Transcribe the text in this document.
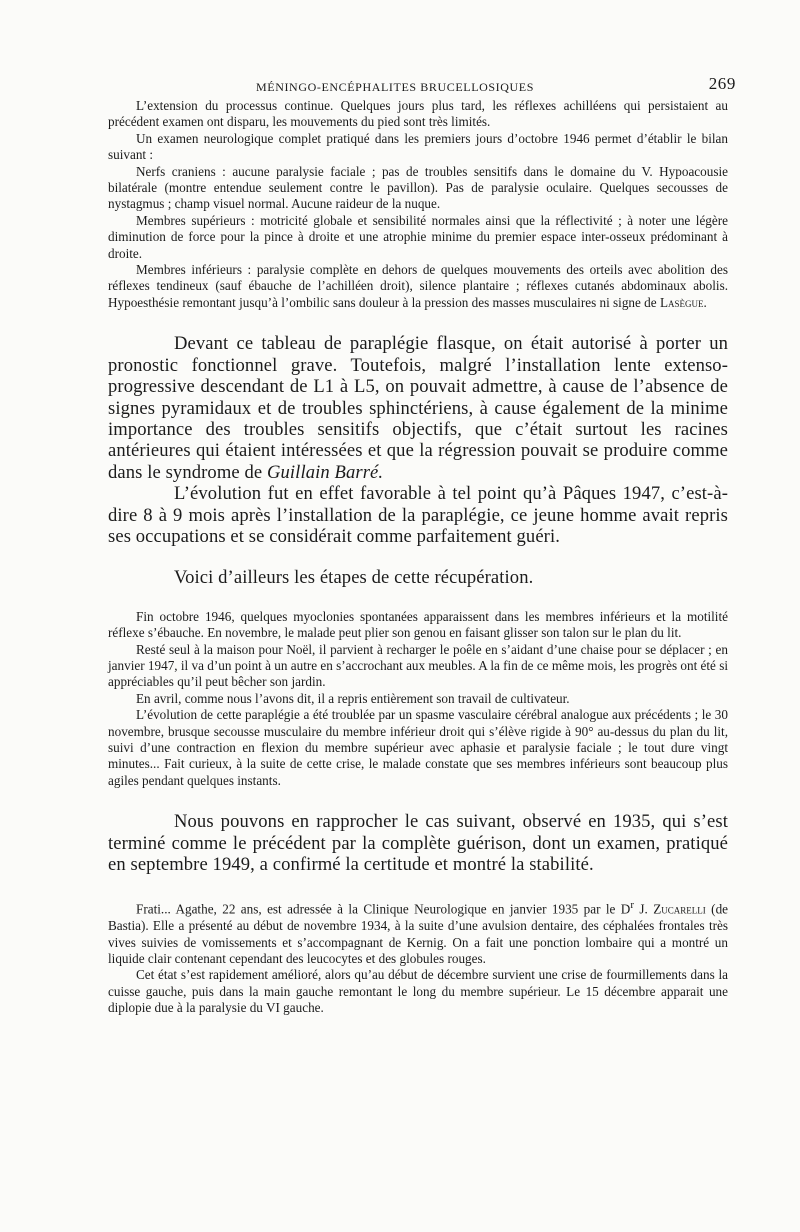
MÉNINGO-ENCÉPHALITES BRUCELLOSIQUES	269

L’extension du processus continue. Quelques jours plus tard, les réflexes achilléens qui persistaient au précédent examen ont disparu, les mouvements du pied sont très limités.

Un examen neurologique complet pratiqué dans les premiers jours d’octobre 1946 permet d’établir le bilan suivant :

Nerfs craniens : aucune paralysie faciale ; pas de troubles sensitifs dans le domaine du V. Hypoacousie bilatérale (montre entendue seulement contre le pavillon). Pas de paralysie oculaire. Quelques secousses de nystagmus ; champ visuel normal. Aucune raideur de la nuque.

Membres supérieurs : motricité globale et sensibilité normales ainsi que la réflectivité ; à noter une légère diminution de force pour la pince à droite et une atrophie minime du premier espace inter-osseux prédominant à droite.

Membres inférieurs : paralysie complète en dehors de quelques mouvements des orteils avec abolition des réflexes tendineux (sauf ébauche de l’achilléen droit), silence plantaire ; réflexes cutanés abdominaux abolis. Hypoesthésie remontant jusqu’à l’ombilic sans douleur à la pression des masses musculaires ni signe de Lasègue.

Devant ce tableau de paraplégie flasque, on était autorisé à porter un pronostic fonctionnel grave. Toutefois, malgré l’installation lente extenso-progressive descendant de L1 à L5, on pouvait admettre, à cause de l’absence de signes pyramidaux et de troubles sphinctériens, à cause également de la minime importance des troubles sensitifs objectifs, que c’était surtout les racines antérieures qui étaient intéressées et que la régression pouvait se produire comme dans le syndrome de Guillain Barré.

L’évolution fut en effet favorable à tel point qu’à Pâques 1947, c’est-à-dire 8 à 9 mois après l’installation de la paraplégie, ce jeune homme avait repris ses occupations et se considérait comme parfaitement guéri.

Voici d’ailleurs les étapes de cette récupération.

Fin octobre 1946, quelques myoclonies spontanées apparaissent dans les membres inférieurs et la motilité réflexe s’ébauche. En novembre, le malade peut plier son genou en faisant glisser son talon sur le plan du lit.

Resté seul à la maison pour Noël, il parvient à recharger le poêle en s’aidant d’une chaise pour se déplacer ; en janvier 1947, il va d’un point à un autre en s’accrochant aux meubles. A la fin de ce même mois, les progrès ont été si appréciables qu’il peut bêcher son jardin.

En avril, comme nous l’avons dit, il a repris entièrement son travail de cultivateur.

L’évolution de cette paraplégie a été troublée par un spasme vasculaire cérébral analogue aux précédents ; le 30 novembre, brusque secousse musculaire du membre inférieur droit qui s’élève rigide à 90° au-dessus du plan du lit, suivi d’une contraction en flexion du membre supérieur avec aphasie et paralysie faciale ; le tout dure vingt minutes... Fait curieux, à la suite de cette crise, le malade constate que ses membres inférieurs sont beaucoup plus agiles pendant quelques instants.

Nous pouvons en rapprocher le cas suivant, observé en 1935, qui s’est terminé comme le précédent par la complète guérison, dont un examen, pratiqué en septembre 1949, a confirmé la certitude et montré la stabilité.

Frati... Agathe, 22 ans, est adressée à la Clinique Neurologique en janvier 1935 par le $D^r$ J. Zucarelli (de Bastia). Elle a présenté au début de novembre 1934, à la suite d’une avulsion dentaire, des céphalées frontales très vives suivies de vomissements et s’accompagnant de Kernig. On a fait une ponction lombaire qui a montré un liquide clair contenant cependant des leucocytes et des globules rouges.

Cet état s’est rapidement amélioré, alors qu’au début de décembre survient une crise de fourmillements dans la cuisse gauche, puis dans la main gauche remontant le long du membre supérieur. Le 15 décembre apparait une diplopie due à la paralysie du VI gauche.
